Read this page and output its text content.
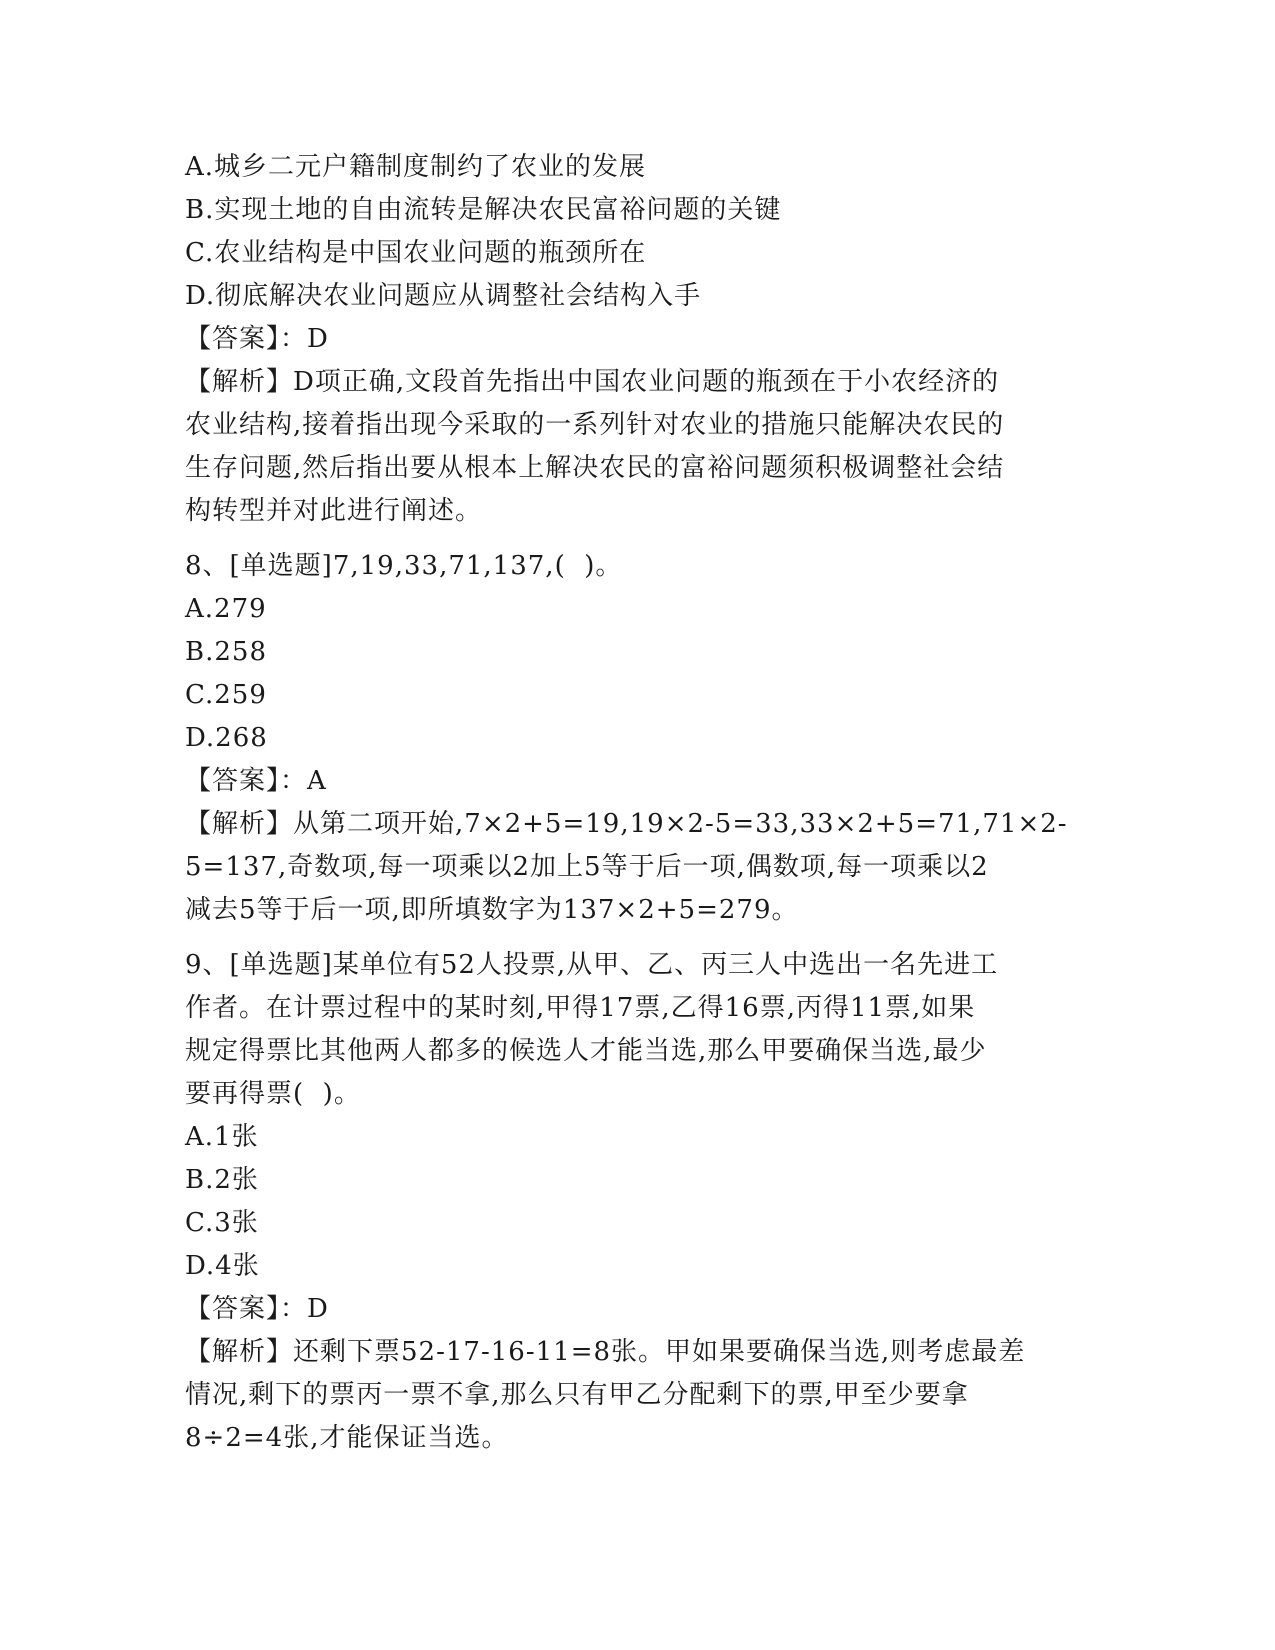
A.城乡二元户籍制度制约了农业的发展
B.实现土地的自由流转是解决农民富裕问题的关键
C.农业结构是中国农业问题的瓶颈所在
D.彻底解决农业问题应从调整社会结构入手
【答案】：D
【解析】D项正确,文段首先指出中国农业问题的瓶颈在于小农经济的
农业结构,接着指出现今采取的一系列针对农业的措施只能解决农民的
生存问题,然后指出要从根本上解决农民的富裕问题须积极调整社会结
构转型并对此进行阐述。
8、[单选题]7,19,33,71,137,(  )。
A.279
B.258
C.259
D.268
【答案】：A
【解析】从第二项开始,7×2+5=19,19×2-5=33,33×2+5=71,71×2-
5=137,奇数项,每一项乘以2加上5等于后一项,偶数项,每一项乘以2
减去5等于后一项,即所填数字为137×2+5=279。
9、[单选题]某单位有52人投票,从甲、乙、丙三人中选出一名先进工
作者。在计票过程中的某时刻,甲得17票,乙得16票,丙得11票,如果
规定得票比其他两人都多的候选人才能当选,那么甲要确保当选,最少
要再得票(  )。
A.1张
B.2张
C.3张
D.4张
【答案】：D
【解析】还剩下票52-17-16-11=8张。甲如果要确保当选,则考虑最差
情况,剩下的票丙一票不拿,那么只有甲乙分配剩下的票,甲至少要拿
8÷2=4张,才能保证当选。
